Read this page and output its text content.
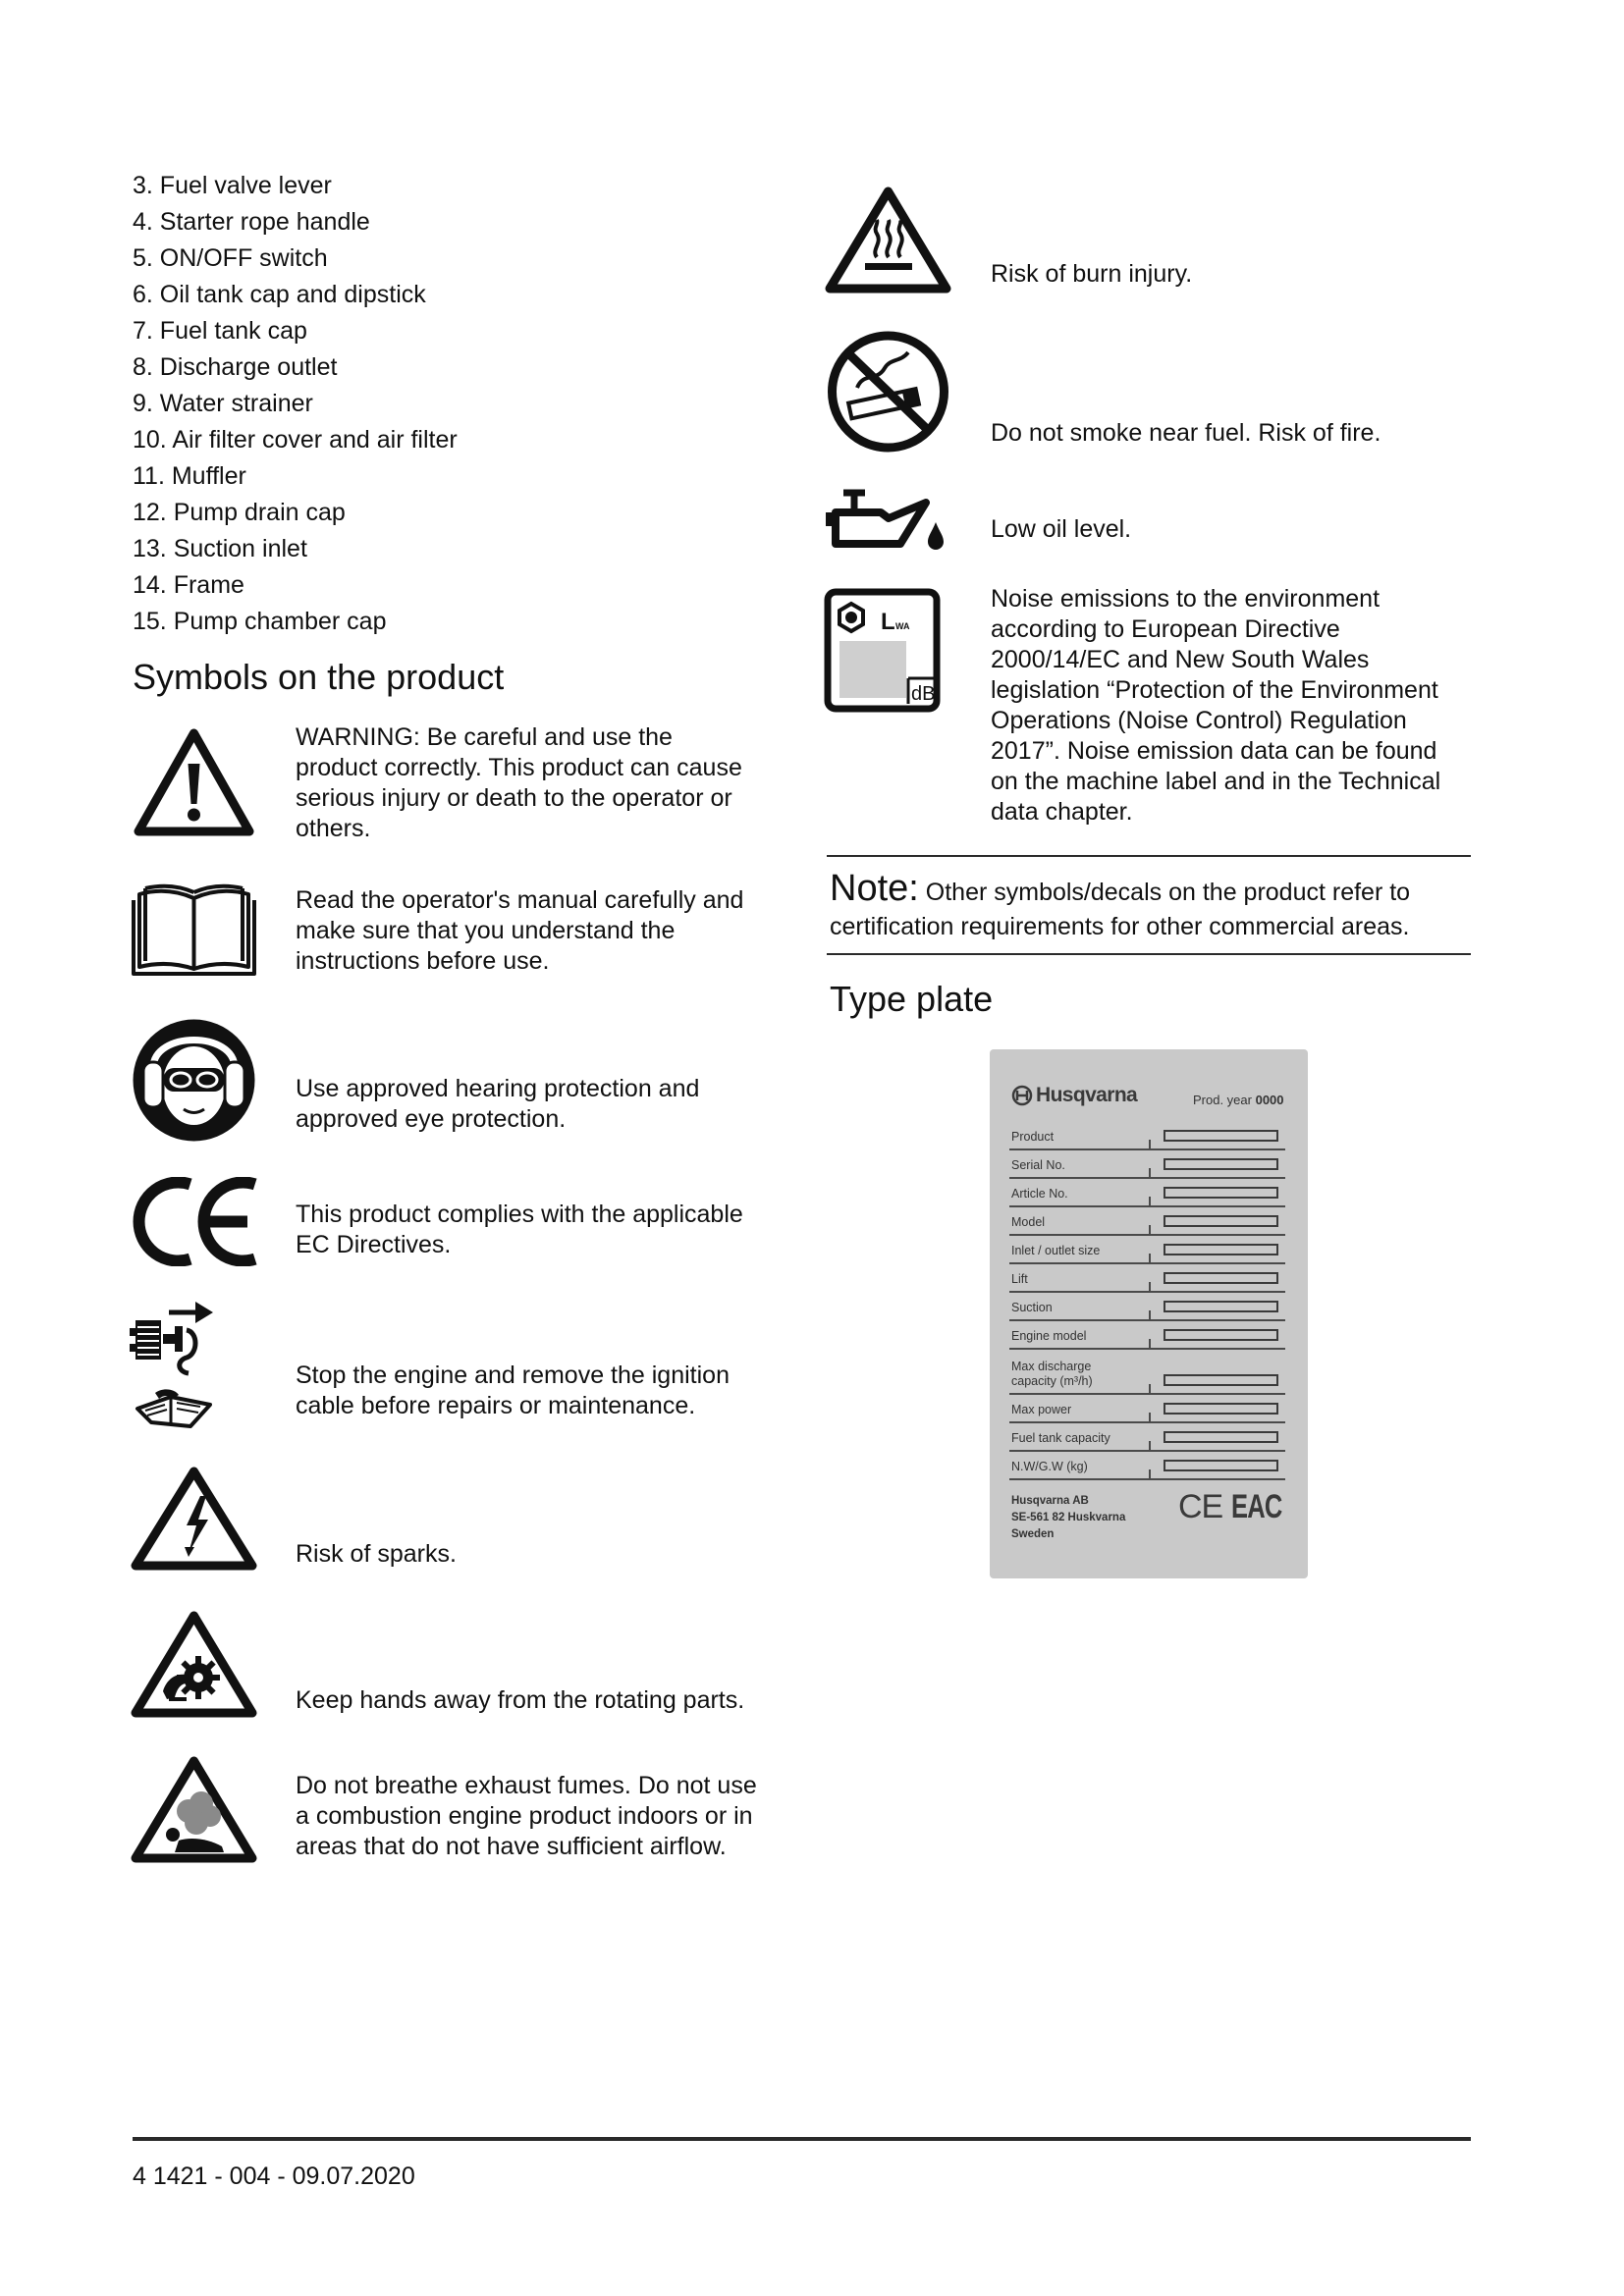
3. Fuel valve lever
4. Starter rope handle
5. ON/OFF switch
6. Oil tank cap and dipstick
7. Fuel tank cap
8. Discharge outlet
9. Water strainer
10. Air filter cover and air filter
11. Muffler
12. Pump drain cap
13. Suction inlet
14. Frame
15. Pump chamber cap
Symbols on the product

WARNING: Be careful and use the
product correctly. This product can cause
serious injury or death to the operator or
others.

Read the operator's manual carefully and
make sure that you understand the
instructions before use.

Use approved hearing protection and
approved eye protection.

This product complies with the applicable
EC Directives.

Stop the engine and remove the ignition
cable before repairs or maintenance.

Risk of sparks.

Keep hands away from the rotating parts.

Do not breathe exhaust fumes. Do not use
a combustion engine product indoors or in
areas that do not have sufficient airflow.

Risk of burn injury.

Do not smoke near fuel. Risk of fire.

Low oil level.

L WA
dB

Noise emissions to the environment
according to European Directive
2000/14/EC and New South Wales
legislation “Protection of the Environment
Operations (Noise Control) Regulation
2017”. Noise emission data can be found
on the machine label and in the Technical
data chapter.

Note: Other symbols/decals on the product refer to
certification requirements for other commercial areas.
Type plate
Husqvarna	Prod. year 0000
Product
Serial No.
Article No.
Model
Inlet / outlet size
Lift
Suction
Engine model
Max discharge capacity (m³/h)
Max power
Fuel tank capacity
N.W/G.W (kg)
Husqvarna AB
SE-561 82 Huskvarna
Sweden
CE EAC
4 1421 - 004 - 09.07.2020
